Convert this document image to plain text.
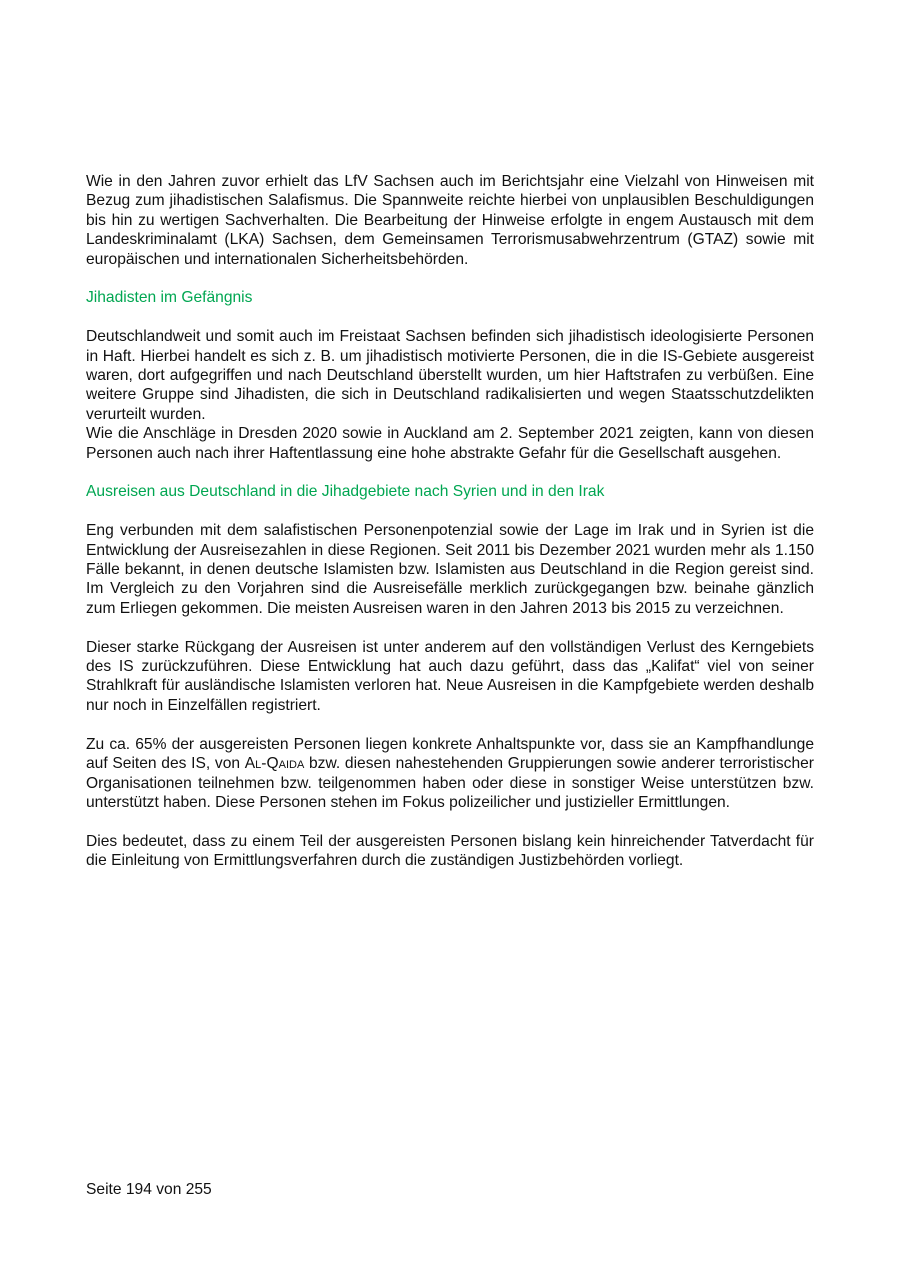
Wie in den Jahren zuvor erhielt das LfV Sachsen auch im Berichtsjahr eine Vielzahl von Hinweisen mit Bezug zum jihadistischen Salafismus. Die Spannweite reichte hierbei von unplausiblen Beschuldigungen bis hin zu wertigen Sachverhalten. Die Bearbeitung der Hinweise erfolgte in engem Austausch mit dem Landeskriminalamt (LKA) Sachsen, dem Gemeinsamen Terrorismusabwehrzentrum (GTAZ) sowie mit europäischen und internationalen Sicherheitsbehörden.

Jihadisten im Gefängnis

Deutschlandweit und somit auch im Freistaat Sachsen befinden sich jihadistisch ideologisierte Personen in Haft. Hierbei handelt es sich z. B. um jihadistisch motivierte Personen, die in die IS-Gebiete ausgereist waren, dort aufgegriffen und nach Deutschland überstellt wurden, um hier Haftstrafen zu verbüßen. Eine weitere Gruppe sind Jihadisten, die sich in Deutschland radikalisierten und wegen Staatsschutzdelikten verurteilt wurden.

Wie die Anschläge in Dresden 2020 sowie in Auckland am 2. September 2021 zeigten, kann von diesen Personen auch nach ihrer Haftentlassung eine hohe abstrakte Gefahr für die Gesellschaft ausgehen.

Ausreisen aus Deutschland in die Jihadgebiete nach Syrien und in den Irak

Eng verbunden mit dem salafistischen Personenpotenzial sowie der Lage im Irak und in Syrien ist die Entwicklung der Ausreisezahlen in diese Regionen. Seit 2011 bis Dezember 2021 wurden mehr als 1.150 Fälle bekannt, in denen deutsche Islamisten bzw. Islamisten aus Deutschland in die Region gereist sind. Im Vergleich zu den Vorjahren sind die Ausreisefälle merklich zurückgegangen bzw. beinahe gänzlich zum Erliegen gekommen. Die meisten Ausreisen waren in den Jahren 2013 bis 2015 zu verzeichnen.

Dieser starke Rückgang der Ausreisen ist unter anderem auf den vollständigen Verlust des Kerngebiets des IS zurückzuführen. Diese Entwicklung hat auch dazu geführt, dass das „Kalifat“ viel von seiner Strahlkraft für ausländische Islamisten verloren hat. Neue Ausreisen in die Kampfgebiete werden deshalb nur noch in Einzelfällen registriert.

Zu ca. 65% der ausgereisten Personen liegen konkrete Anhaltspunkte vor, dass sie an Kampfhandlunge auf Seiten des IS, von Al-Qaida bzw. diesen nahestehenden Gruppierungen sowie anderer terroristischer Organisationen teilnehmen bzw. teilgenommen haben oder diese in sonstiger Weise unterstützen bzw. unterstützt haben. Diese Personen stehen im Fokus polizeilicher und justizieller Ermittlungen.

Dies bedeutet, dass zu einem Teil der ausgereisten Personen bislang kein hinreichender Tatverdacht für die Einleitung von Ermittlungsverfahren durch die zuständigen Justizbehörden vorliegt.

Seite 194 von 255
